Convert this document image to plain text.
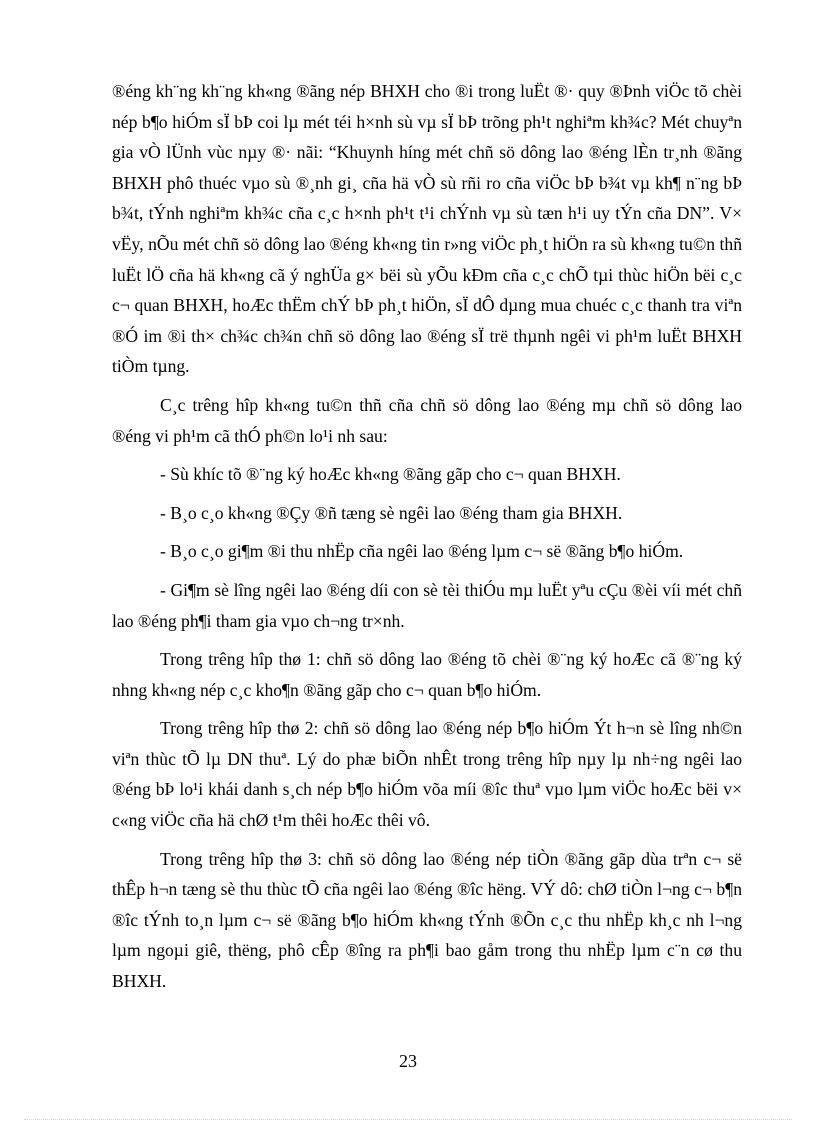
®éng kh¨ng kh¨ng kh«ng ®ãng nép BHXH cho ®i trong luËt ®· quy ®Þnh viÖc tõ chèi nép b¶o hiÓm sÏ bÞ coi lµ mét téi h×nh sù vµ sÏ bÞ trõng ph¹t nghiªm kh¾c? Mét chuyªn gia vÒ lÜnh vùc nµy ®· nãi: “Khuynh híng mét chñ sö dông lao ®éng lÈn tr¸nh ®ãng BHXH phô thuéc vµo sù ®¸nh gi¸ cña hä vÒ sù rñi ro cña viÖc bÞ b¾t vµ kh¶ n¨ng bÞ b¾t, tÝnh nghiªm kh¾c cña c¸c h×nh ph¹t t¹i chÝnh vµ sù tæn h¹i uy tÝn cña DN”. V× vËy, nÕu mét chñ sö dông lao ®éng kh«ng tin r»ng viÖc ph¸t hiÖn ra sù kh«ng tu©n thñ luËt lÖ cña hä kh«ng cã ý nghÜa g× bëi sù yÕu kÐm cña c¸c chÕ tµi thùc hiÖn bëi c¸c c¬ quan BHXH, hoÆc thËm chÝ bÞ ph¸t hiÖn, sÏ dÔ dµng mua chuéc c¸c thanh tra viªn ®Ó im ®i th× ch¾c ch¾n chñ sö dông lao ®éng sÏ trë thµnh ngêi vi ph¹m luËt BHXH tiÒm tµng.

C¸c trêng hîp kh«ng tu©n thñ cña chñ sö dông lao ®éng mµ chñ sö dông lao ®éng vi ph¹m cã thÓ ph©n lo¹i nh sau:

- Sù khíc tõ ®¨ng ký hoÆc kh«ng ®ãng gãp cho c¬ quan BHXH.

- B¸o c¸o kh«ng ®Çy ®ñ tæng sè ngêi lao ®éng tham gia BHXH.

- B¸o c¸o gi¶m ®i thu nhËp cña ngêi lao ®éng lµm c¬ së ®ãng b¶o hiÓm.

- Gi¶m sè lîng ngêi lao ®éng díi con sè tèi thiÓu mµ luËt yªu cÇu ®èi víi mét chñ lao ®éng ph¶i tham gia vµo ch¬ng tr×nh.

Trong trêng hîp thø 1: chñ sö dông lao ®éng tõ chèi ®¨ng ký hoÆc cã ®¨ng ký nhng kh«ng nép c¸c kho¶n ®ãng gãp cho c¬ quan b¶o hiÓm.

Trong trêng hîp thø 2: chñ sö dông lao ®éng nép b¶o hiÓm Ýt h¬n sè lîng nh©n viªn thùc tÕ lµ DN thuª. Lý do phæ biÕn nhÊt trong trêng hîp nµy lµ nh÷ng ngêi lao ®éng bÞ lo¹i khái danh s¸ch nép b¶o hiÓm võa míi ®îc thuª vµo lµm viÖc hoÆc bëi v× c«ng viÖc cña hä chØ t¹m thêi hoÆc thêi vô.

Trong trêng hîp thø 3: chñ sö dông lao ®éng nép tiÒn ®ãng gãp dùa trªn c¬ së thÊp h¬n tæng sè thu thùc tÕ cña ngêi lao ®éng ®îc hëng. VÝ dô: chØ tiÒn l¬ng c¬ b¶n ®îc tÝnh to¸n lµm c¬ së ®ãng b¶o hiÓm kh«ng tÝnh ®Õn c¸c thu nhËp kh¸c nh l¬ng lµm ngoµi giê, thëng, phô cÊp ®îng ra ph¶i bao gåm trong thu nhËp lµm c¨n cø thu BHXH.

23
